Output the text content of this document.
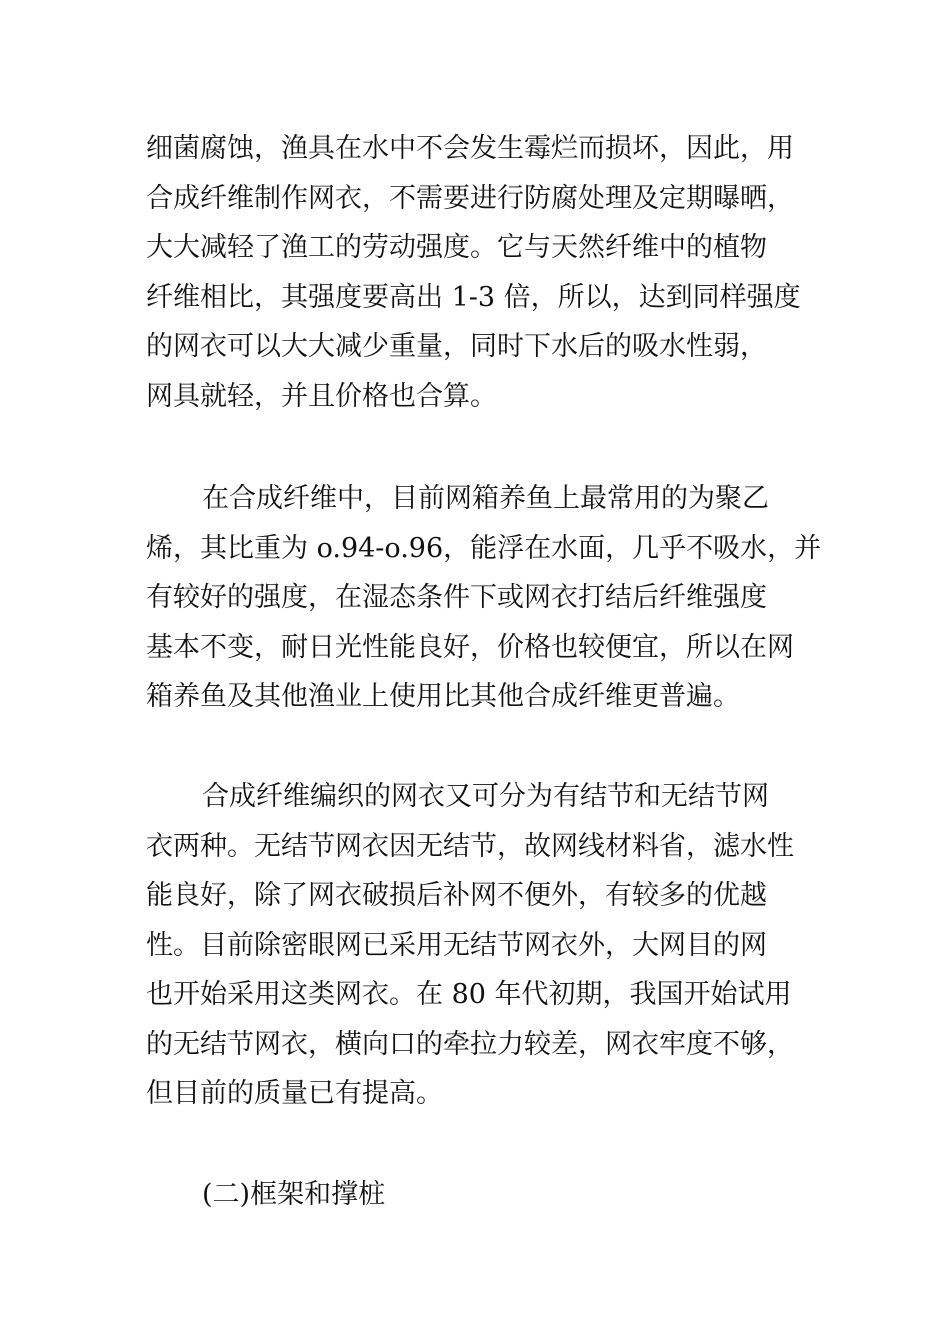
细菌腐蚀，渔具在水中不会发生霉烂而损坏，因此，用
合成纤维制作网衣，不需要进行防腐处理及定期曝晒，
大大减轻了渔工的劳动强度。它与天然纤维中的植物
纤维相比，其强度要高出 1-3 倍，所以，达到同样强度
的网衣可以大大减少重量，同时下水后的吸水性弱，
网具就轻，并且价格也合算。
在合成纤维中，目前网箱养鱼上最常用的为聚乙
烯，其比重为 o.94-o.96，能浮在水面，几乎不吸水，并
有较好的强度，在湿态条件下或网衣打结后纤维强度
基本不变，耐日光性能良好，价格也较便宜，所以在网
箱养鱼及其他渔业上使用比其他合成纤维更普遍。
合成纤维编织的网衣又可分为有结节和无结节网
衣两种。无结节网衣因无结节，故网线材料省，滤水性
能良好，除了网衣破损后补网不便外，有较多的优越
性。目前除密眼网已采用无结节网衣外，大网目的网
也开始采用这类网衣。在 80 年代初期，我国开始试用
的无结节网衣，横向口的牵拉力较差，网衣牢度不够，
但目前的质量已有提高。
(二)框架和撑桩
